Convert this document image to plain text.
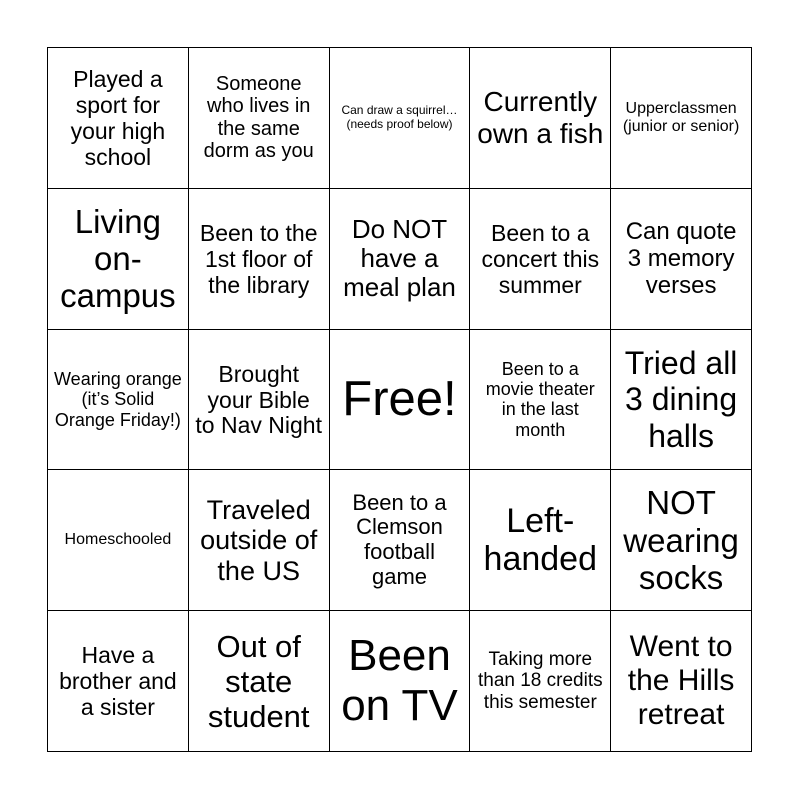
Played a sport for your high school
Someone who lives in the same dorm as you
Can draw a squirrel… (needs proof below)
Currently own a fish
Upperclassmen (junior or senior)
Living on-campus
Been to the 1st floor of the library
Do NOT have a meal plan
Been to a concert this summer
Can quote 3 memory verses
Wearing orange (it’s Solid Orange Friday!)
Brought your Bible to Nav Night Free!
Been to a movie theater in the last month
Tried all 3 dining halls
Homeschooled
Traveled outside of the US
Been to a Clemson football game
Left-handed
NOT wearing socks
Have a brother and a sister
Out of state student
Been on TV
Taking more than 18 credits this semester
Went to the Hills retreat
